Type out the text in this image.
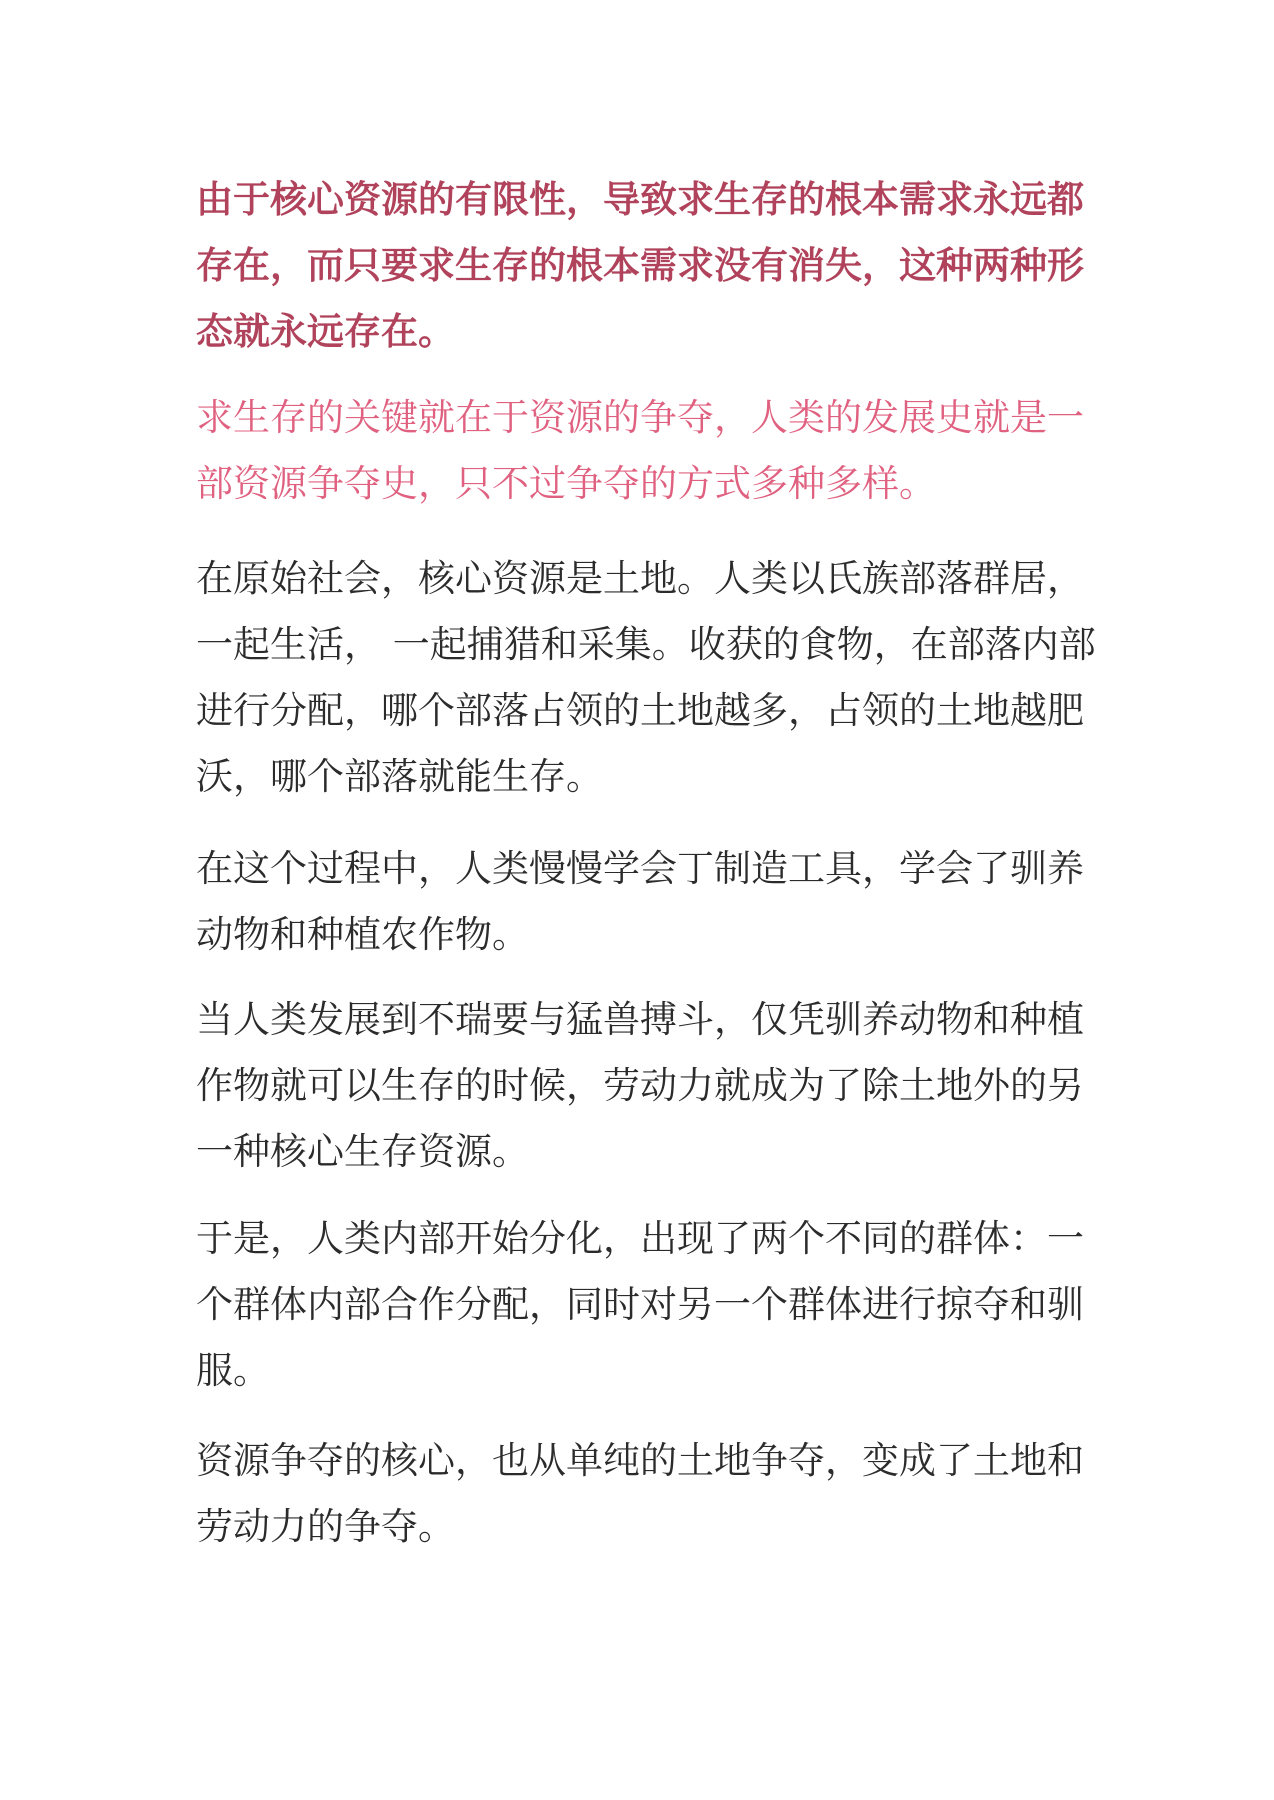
由于核心资源的有限性，导致求生存的根本需求永远都存在，而只要求生存的根本需求没有消失，这种两种形态就永远存在。

求生存的关键就在于资源的争夺，人类的发展史就是一部资源争夺史，只不过争夺的方式多种多样。

在原始社会，核心资源是土地。人类以氏族部落群居，一起生活， 一起捕猎和采集。收获的食物，在部落内部进行分配，哪个部落占领的土地越多，占领的土地越肥沃，哪个部落就能生存。

在这个过程中，人类慢慢学会丁制造工具，学会了驯养动物和种植农作物。

当人类发展到不瑞要与猛兽搏斗，仅凭驯养动物和种植作物就可以生存的时候，劳动力就成为了除土地外的另一种核心生存资源。

于是，人类内部开始分化，出现了两个不同的群体：一个群体内部合作分配，同时对另一个群体进行掠夺和驯服。

资源争夺的核心，也从单纯的土地争夺，变成了土地和劳动力的争夺。
